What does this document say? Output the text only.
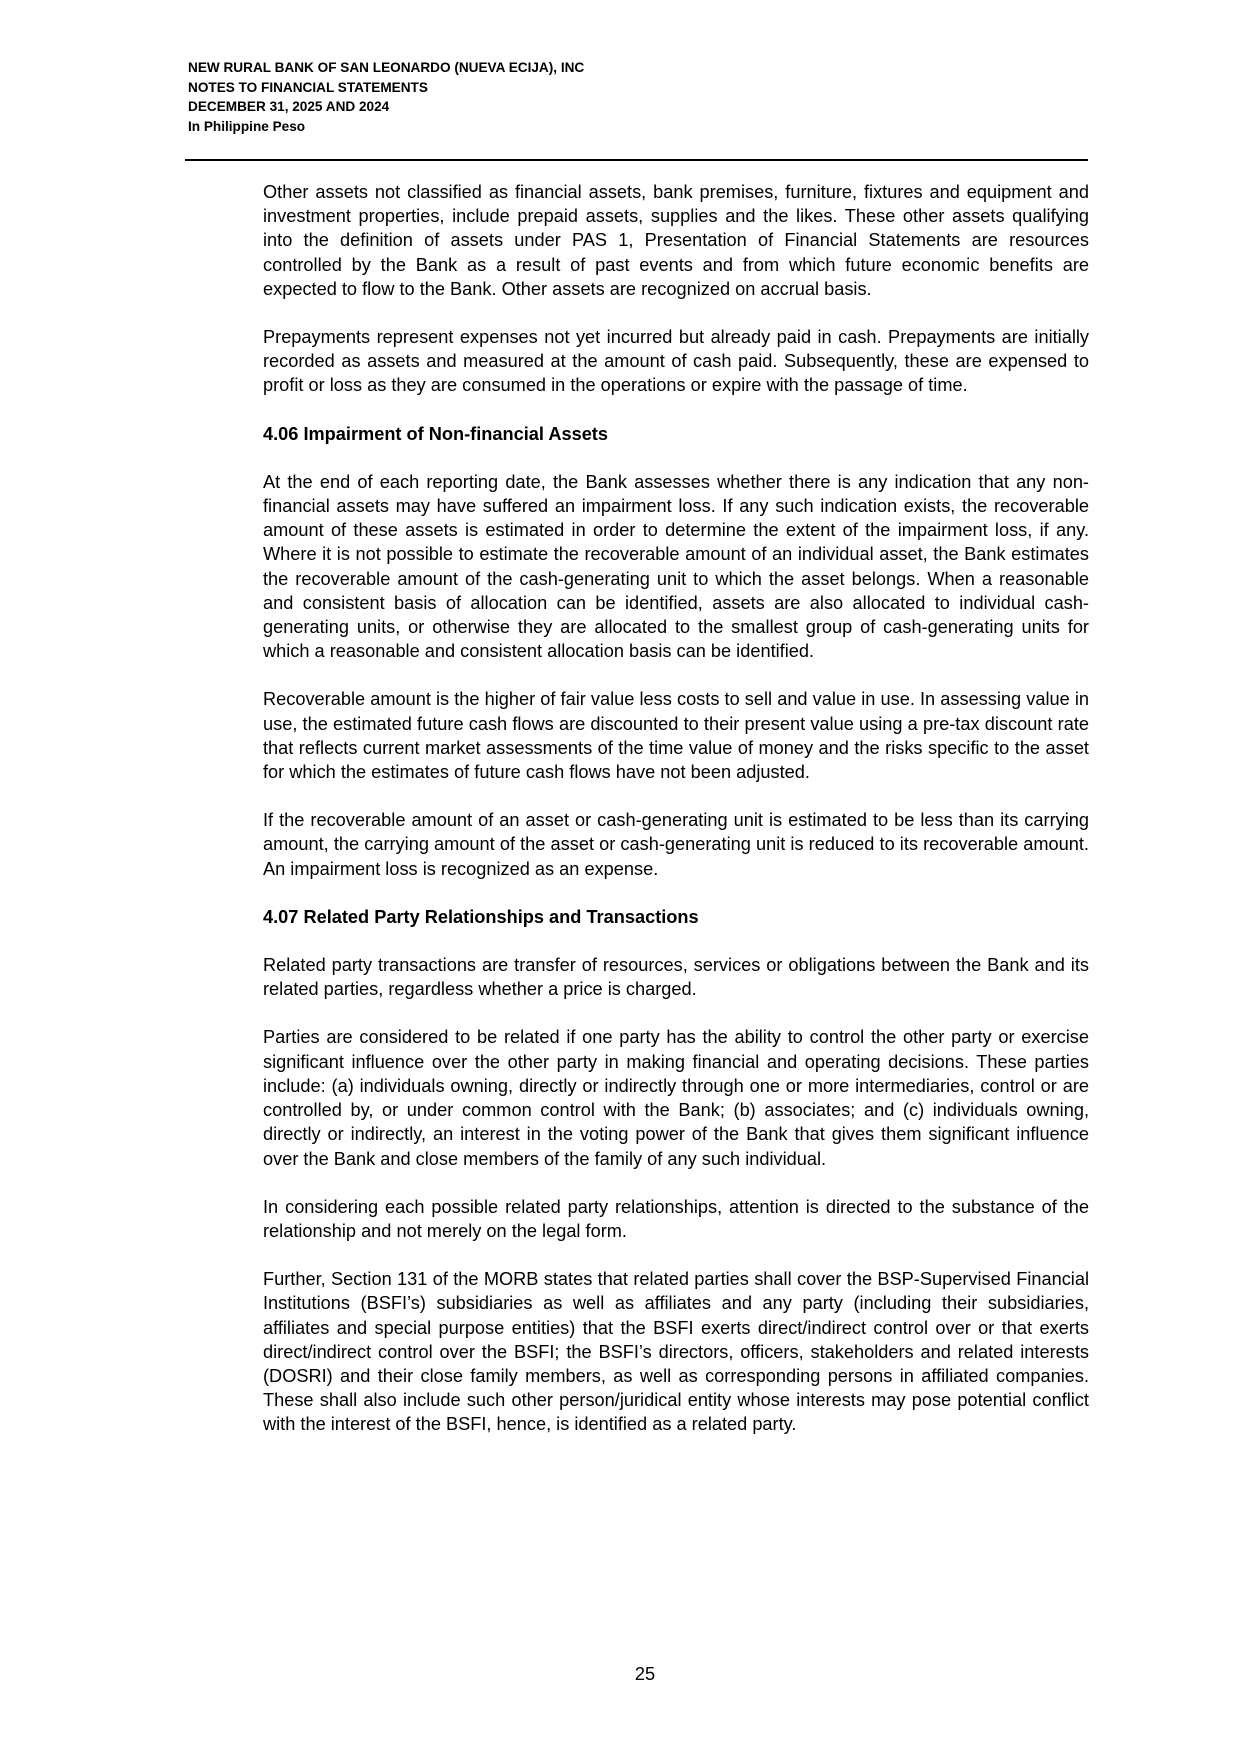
NEW RURAL BANK OF SAN LEONARDO (NUEVA ECIJA), INC
NOTES TO FINANCIAL STATEMENTS
DECEMBER 31, 2025 AND 2024
In Philippine Peso

Other assets not classified as financial assets, bank premises, furniture, fixtures and equipment and investment properties, include prepaid assets, supplies and the likes. These other assets qualifying into the definition of assets under PAS 1, Presentation of Financial Statements are resources controlled by the Bank as a result of past events and from which future economic benefits are expected to flow to the Bank. Other assets are recognized on accrual basis.

Prepayments represent expenses not yet incurred but already paid in cash. Prepayments are initially recorded as assets and measured at the amount of cash paid. Subsequently, these are expensed to profit or loss as they are consumed in the operations or expire with the passage of time.

4.06 Impairment of Non-financial Assets

At the end of each reporting date, the Bank assesses whether there is any indication that any non-financial assets may have suffered an impairment loss. If any such indication exists, the recoverable amount of these assets is estimated in order to determine the extent of the impairment loss, if any. Where it is not possible to estimate the recoverable amount of an individual asset, the Bank estimates the recoverable amount of the cash-generating unit to which the asset belongs. When a reasonable and consistent basis of allocation can be identified, assets are also allocated to individual cash-generating units, or otherwise they are allocated to the smallest group of cash-generating units for which a reasonable and consistent allocation basis can be identified.

Recoverable amount is the higher of fair value less costs to sell and value in use. In assessing value in use, the estimated future cash flows are discounted to their present value using a pre-tax discount rate that reflects current market assessments of the time value of money and the risks specific to the asset for which the estimates of future cash flows have not been adjusted.

If the recoverable amount of an asset or cash-generating unit is estimated to be less than its carrying amount, the carrying amount of the asset or cash-generating unit is reduced to its recoverable amount. An impairment loss is recognized as an expense.

4.07 Related Party Relationships and Transactions

Related party transactions are transfer of resources, services or obligations between the Bank and its related parties, regardless whether a price is charged.

Parties are considered to be related if one party has the ability to control the other party or exercise significant influence over the other party in making financial and operating decisions. These parties include: (a) individuals owning, directly or indirectly through one or more intermediaries, control or are controlled by, or under common control with the Bank; (b) associates; and (c) individuals owning, directly or indirectly, an interest in the voting power of the Bank that gives them significant influence over the Bank and close members of the family of any such individual.

In considering each possible related party relationships, attention is directed to the substance of the relationship and not merely on the legal form.

Further, Section 131 of the MORB states that related parties shall cover the BSP-Supervised Financial Institutions (BSFI’s) subsidiaries as well as affiliates and any party (including their subsidiaries, affiliates and special purpose entities) that the BSFI exerts direct/indirect control over or that exerts direct/indirect control over the BSFI; the BSFI’s directors, officers, stakeholders and related interests (DOSRI) and their close family members, as well as corresponding persons in affiliated companies. These shall also include such other person/juridical entity whose interests may pose potential conflict with the interest of the BSFI, hence, is identified as a related party.

25
